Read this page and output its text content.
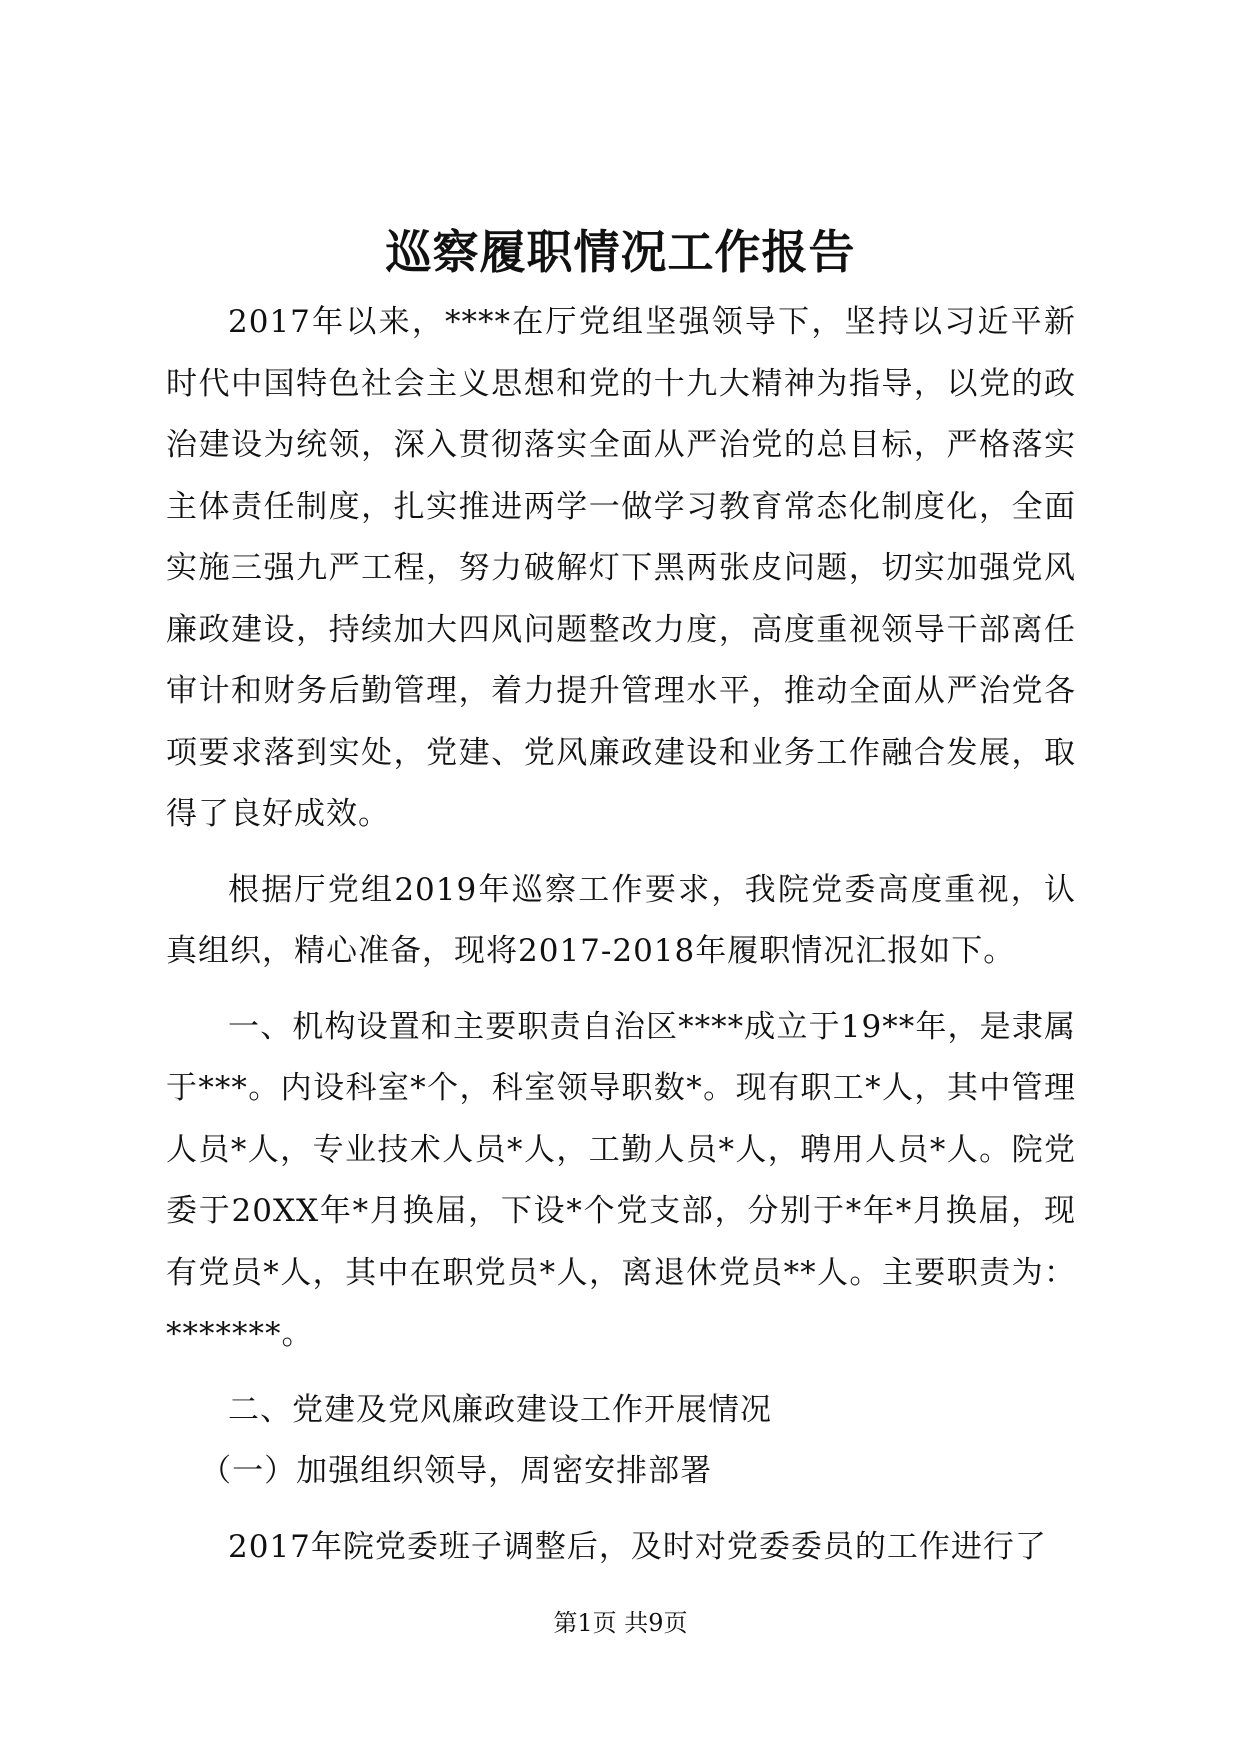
巡察履职情况工作报告

2017年以来，****在厅党组坚强领导下，坚持以习近平新时代中国特色社会主义思想和党的十九大精神为指导，以党的政治建设为统领，深入贯彻落实全面从严治党的总目标，严格落实主体责任制度，扎实推进两学一做学习教育常态化制度化，全面实施三强九严工程，努力破解灯下黑两张皮问题，切实加强党风廉政建设，持续加大四风问题整改力度，高度重视领导干部离任审计和财务后勤管理，着力提升管理水平，推动全面从严治党各项要求落到实处，党建、党风廉政建设和业务工作融合发展，取得了良好成效。

根据厅党组2019年巡察工作要求，我院党委高度重视，认真组织，精心准备，现将2017-2018年履职情况汇报如下。

一、机构设置和主要职责自治区****成立于19**年，是隶属于***。内设科室*个，科室领导职数*。现有职工*人，其中管理人员*人，专业技术人员*人，工勤人员*人，聘用人员*人。院党委于20XX年*月换届，下设*个党支部，分别于*年*月换届，现有党员*人，其中在职党员*人，离退休党员**人。主要职责为：*******。

二、党建及党风廉政建设工作开展情况

（一）加强组织领导，周密安排部署

2017年院党委班子调整后，及时对党委委员的工作进行了

第1页 共9页
